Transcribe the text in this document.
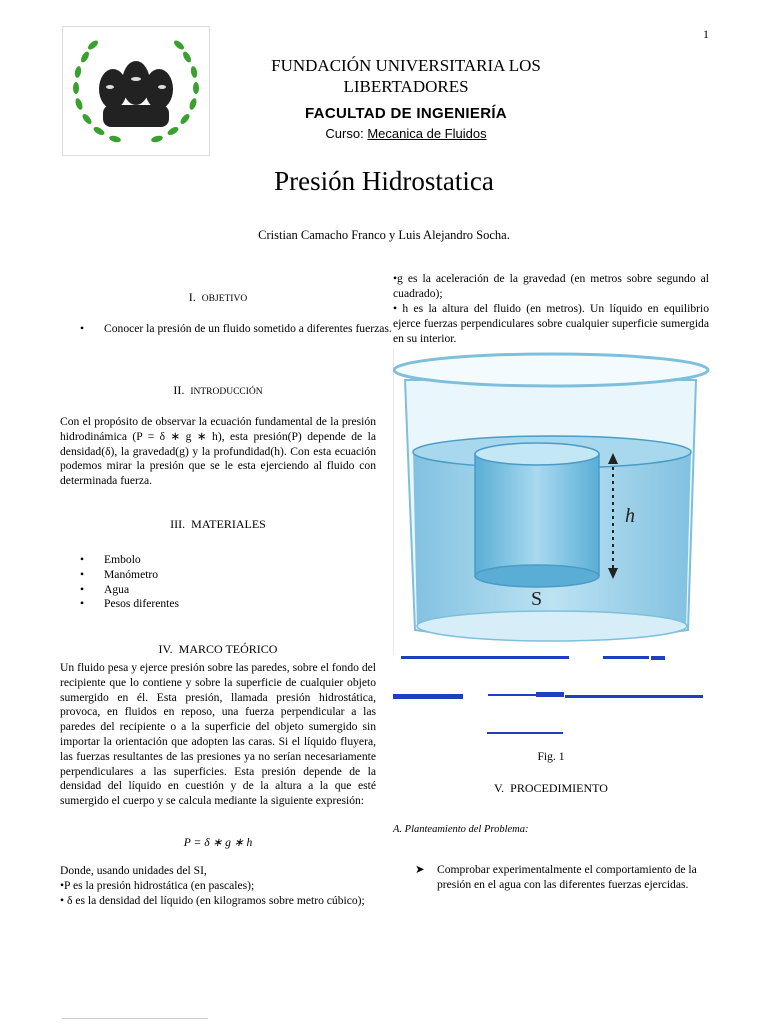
1
FUNDACIÓN UNIVERSITARIA LOS LIBERTADORES
FACULTAD DE INGENIERÍA
Curso: Mecanica de Fluidos
Presión Hidrostatica
Cristian Camacho Franco y Luis Alejandro Socha.
I. OBJETIVO
• Conocer la presión de un fluido sometido a diferentes fuerzas.
II. INTRODUCCIÓN
Con el propósito de observar la ecuación fundamental de la presión hidrodinámica (P = δ ∗ g ∗ h), esta presión(P) depende de la densidad(δ), la gravedad(g) y la profundidad(h). Con esta ecuación podemos mirar la presión que se le esta ejerciendo al fluido con determinada fuerza.
III. MATERIALES
• Embolo
• Manómetro
• Agua
• Pesos diferentes
IV. MARCO TEÓRICO
Un fluido pesa y ejerce presión sobre las paredes, sobre el fondo del recipiente que lo contiene y sobre la superficie de cualquier objeto sumergido en él. Esta presión, llamada presión hidrostática, provoca, en fluidos en reposo, una fuerza perpendicular a las paredes del recipiente o a la superficie del objeto sumergido sin importar la orientación que adopten las caras. Si el líquido fluyera, las fuerzas resultantes de las presiones ya no serían necesariamente perpendiculares a las superficies. Esta presión depende de la densidad del líquido en cuestión y de la altura a la que esté sumergido el cuerpo y se calcula mediante la siguiente expresión:
P = δ ∗ g ∗ h
Donde, usando unidades del SI,
•P es la presión hidrostática (en pascales);
• δ es la densidad del líquido (en kilogramos sobre metro cúbico);
•g es la aceleración de la gravedad (en metros sobre segundo al cuadrado);
• h es la altura del fluido (en metros). Un líquido en equilibrio ejerce fuerzas perpendiculares sobre cualquier superficie sumergida en su interior.
h
S
Fig. 1
V. PROCEDIMIENTO
A. Planteamiento del Problema:
➤ Comprobar experimentalmente el comportamiento de la presión en el agua con las diferentes fuerzas ejercidas.
